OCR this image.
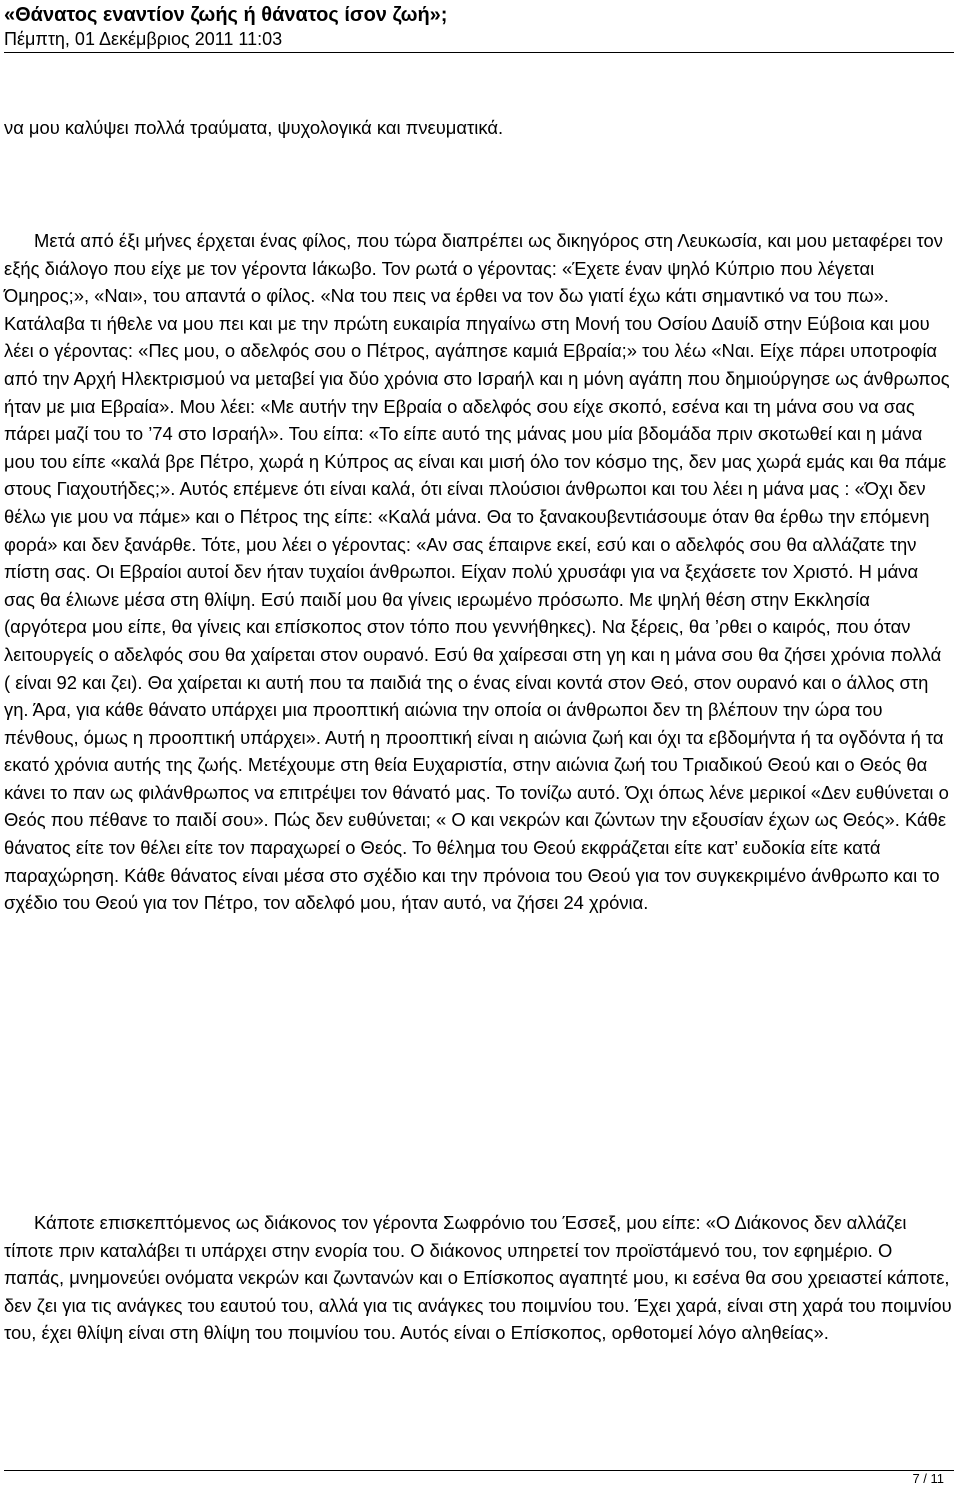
«Θάνατος εναντίον ζωής ή θάνατος ίσον ζωή»;

Πέμπτη, 01 Δεκέμβριος 2011 11:03

να μου καλύψει πολλά τραύματα, ψυχολογικά και πνευματικά.

Μετά από έξι μήνες έρχεται ένας φίλος, που τώρα διαπρέπει ως δικηγόρος στη Λευκωσία, και μου μεταφέρει τον εξής διάλογο που είχε με τον γέροντα Ιάκωβο. Τον ρωτά ο γέροντας: «Έχετε έναν ψηλό Κύπριο που λέγεται Όμηρος;», «Ναι», του απαντά ο φίλος. «Να του πεις να έρθει να τον δω γιατί έχω κάτι σημαντικό να του πω». Κατάλαβα τι ήθελε να μου πει και με την πρώτη ευκαιρία πηγαίνω στη Μονή του Οσίου Δαυίδ στην Εύβοια και μου λέει ο γέροντας: «Πες μου, ο αδελφός σου ο Πέτρος, αγάπησε καμιά Εβραία;» του λέω «Ναι. Είχε πάρει υποτροφία από την Αρχή Ηλεκτρισμού να μεταβεί για δύο χρόνια στο Ισραήλ και η μόνη αγάπη που δημιούργησε ως άνθρωπος ήταν με μια Εβραία». Μου λέει: «Με αυτήν την Εβραία ο αδελφός σου είχε σκοπό, εσένα και τη μάνα σου να σας πάρει μαζί του το ’74 στο Ισραήλ». Του είπα: «Το είπε αυτό της μάνας μου μία βδομάδα πριν σκοτωθεί και η μάνα μου του είπε «καλά βρε Πέτρο, χωρά η Κύπρος ας είναι και μισή όλο τον κόσμο της, δεν μας χωρά εμάς και θα πάμε στους Γιαχουτήδες;». Αυτός επέμενε ότι είναι καλά, ότι είναι πλούσιοι άνθρωποι και του λέει η μάνα μας : «Όχι δεν θέλω γιε μου να πάμε» και ο Πέτρος της είπε: «Καλά μάνα. Θα το ξανακουβεντιάσουμε όταν θα έρθω την επόμενη φορά» και δεν ξανάρθε. Τότε, μου λέει ο γέροντας: «Αν σας έπαιρνε εκεί, εσύ και ο αδελφός σου θα αλλάζατε την πίστη σας. Οι Εβραίοι αυτοί δεν ήταν τυχαίοι άνθρωποι. Είχαν πολύ χρυσάφι για να ξεχάσετε τον Χριστό. Η μάνα σας θα έλιωνε μέσα στη θλίψη. Εσύ παιδί μου θα γίνεις ιερωμένο πρόσωπο. Με ψηλή θέση στην Εκκλησία (αργότερα μου είπε, θα γίνεις και επίσκοπος στον τόπο που γεννήθηκες). Να ξέρεις, θα ’ρθει ο καιρός, που όταν λειτουργείς ο αδελφός σου θα χαίρεται στον ουρανό. Εσύ θα χαίρεσαι στη γη και η μάνα σου θα ζήσει χρόνια πολλά ( είναι 92 και ζει). Θα χαίρεται κι αυτή που τα παιδιά της ο ένας είναι κοντά στον Θεό, στον ουρανό και ο άλλος στη γη. Άρα, για κάθε θάνατο υπάρχει μια προοπτική αιώνια την οποία οι άνθρωποι δεν τη βλέπουν την ώρα του πένθους, όμως η προοπτική υπάρχει». Αυτή η προοπτική είναι η αιώνια ζωή και όχι τα εβδομήντα ή τα ογδόντα ή τα εκατό χρόνια αυτής της ζωής. Μετέχουμε στη θεία Ευχαριστία, στην αιώνια ζωή του Τριαδικού Θεού και ο Θεός θα κάνει το παν ως φιλάνθρωπος να επιτρέψει τον θάνατό μας. Το τονίζω αυτό. Όχι όπως λένε μερικοί «Δεν ευθύνεται ο Θεός που πέθανε το παιδί σου». Πώς δεν ευθύνεται; « Ο και νεκρών και ζώντων την εξουσίαν έχων ως Θεός». Κάθε θάνατος είτε τον θέλει είτε τον παραχωρεί ο Θεός. Το θέλημα του Θεού εκφράζεται είτε κατ’ ευδοκία είτε κατά παραχώρηση. Κάθε θάνατος είναι μέσα στο σχέδιο και την πρόνοια του Θεού για τον συγκεκριμένο άνθρωπο και το σχέδιο του Θεού για τον Πέτρο, τον αδελφό μου, ήταν αυτό, να ζήσει 24 χρόνια.

Κάποτε επισκεπτόμενος ως διάκονος τον γέροντα Σωφρόνιο του Έσσεξ, μου είπε: «Ο Διάκονος δεν αλλάζει τίποτε πριν καταλάβει τι υπάρχει στην ενορία του. Ο διάκονος υπηρετεί τον προϊστάμενό του, τον εφημέριο. Ο παπάς, μνημονεύει ονόματα νεκρών και ζωντανών και ο Επίσκοπος αγαπητέ μου, κι εσένα θα σου χρειαστεί κάποτε, δεν ζει για τις ανάγκες του εαυτού του, αλλά για τις ανάγκες του ποιμνίου του. Έχει χαρά, είναι στη χαρά του ποιμνίου του, έχει θλίψη είναι στη θλίψη του ποιμνίου του. Αυτός είναι ο Επίσκοπος, ορθοτομεί λόγο αληθείας».

7 / 11
